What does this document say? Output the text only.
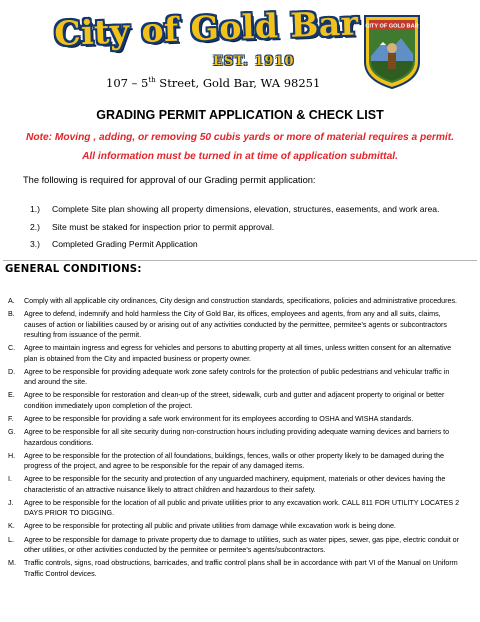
City of Gold Bar
EST. 1910
107 – 5th Street, Gold Bar, WA 98251
CITY OF GOLD BAR
GRADING PERMIT APPLICATION & CHECK LIST
Note: Moving , adding, or removing 50 cubis yards or more of material requires a permit.
All information must be turned in at time of application submittal.
The following is required for approval of our Grading permit application:
1.)	Complete Site plan showing all property dimensions, elevation, structures, easements, and work area.
2.)	Site must be staked for inspection prior to permit approval.
3.)	Completed Grading Permit Application
GENERAL CONDITIONS:
A.	Comply with all applicable city ordinances, City design and construction standards, specifications, policies and administrative procedures.
B.	Agree to defend, indemnify and hold harmless the City of Gold Bar, its offices, employees and agents, from any and all suits, claims, causes of action or liabilities caused by or arising out of any activities conducted by the permittee, permitee’s agents or subcontractors resulting from issuance of the permit.
C.	Agree to maintain ingress and egress for vehicles and persons to abutting property at all times, unless written consent for an alternative plan is obtained from the City and impacted business or property owner.
D.	Agree to be responsible for providing adequate work zone safety controls for the protection of public pedestrians and vehicular traffic in and around the site.
E.	Agree to be responsible for restoration and clean-up of the street, sidewalk, curb and gutter and adjacent property to original or better condition immediately upon completion of the project.
F.	Agree to be responsible for providing a safe work environment for its employees according to OSHA and WISHA standards.
G.	Agree to be responsible for all site security during non-construction hours including providing adequate warning devices and barriers to hazardous conditions.
H.	Agree to be responsible for the protection of all foundations, buildings, fences, walls or other property likely to be damaged during the progress of the project, and agree to be responsible for the repair of any damaged items.
I.	Agree to be responsible for the security and protection of any unguarded machinery, equipment, materials or other devices having the characteristic of an attractive nuisance likely to attract children and hazardous to their safety.
J.	Agree to be responsible for the location of all public and private utilities prior to any excavation work. CALL 811 FOR UTILITY LOCATES 2 DAYS PRIOR TO DIGGING.
K.	Agree to be responsible for protecting all public and private utilities from damage while excavation work is being done.
L.	Agree to be responsible for damage to private property due to damage to utilities, such as water pipes, sewer, gas pipe, electric conduit or other utilities, or other activities conducted by the permitee or permitee’s agents/subcontractors.
M.	Traffic controls, signs, road obstructions, barricades, and traffic control plans shall be in accordance with part VI of the Manual on Uniform Traffic Control devices.
